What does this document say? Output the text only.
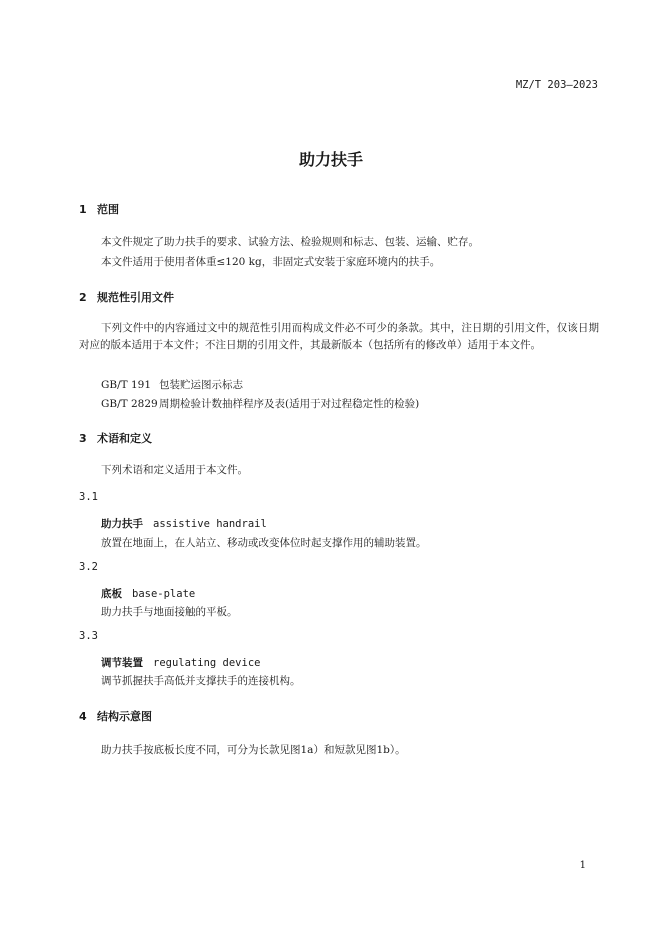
MZ/T 203—2023
助力扶手
1 范围
本文件规定了助力扶手的要求、试验方法、检验规则和标志、包装、运输、贮存。
本文件适用于使用者体重≤120 kg，非固定式安装于家庭环境内的扶手。
2 规范性引用文件
下列文件中的内容通过文中的规范性引用而构成文件必不可少的条款。其中，注日期的引用文件，仅该日期对应的版本适用于本文件；不注日期的引用文件，其最新版本（包括所有的修改单）适用于本文件。
GB/T 191 包装贮运图示标志
GB/T 2829周期检验计数抽样程序及表(适用于对过程稳定性的检验)
3 术语和定义
下列术语和定义适用于本文件。
3.1
助力扶手 assistive handrail
放置在地面上，在人站立、移动或改变体位时起支撑作用的辅助装置。
3.2
底板 base-plate
助力扶手与地面接触的平板。
3.3
调节装置 regulating device
调节抓握扶手高低并支撑扶手的连接机构。
4 结构示意图
助力扶手按底板长度不同，可分为长款见图1a）和短款见图1b）。
1
